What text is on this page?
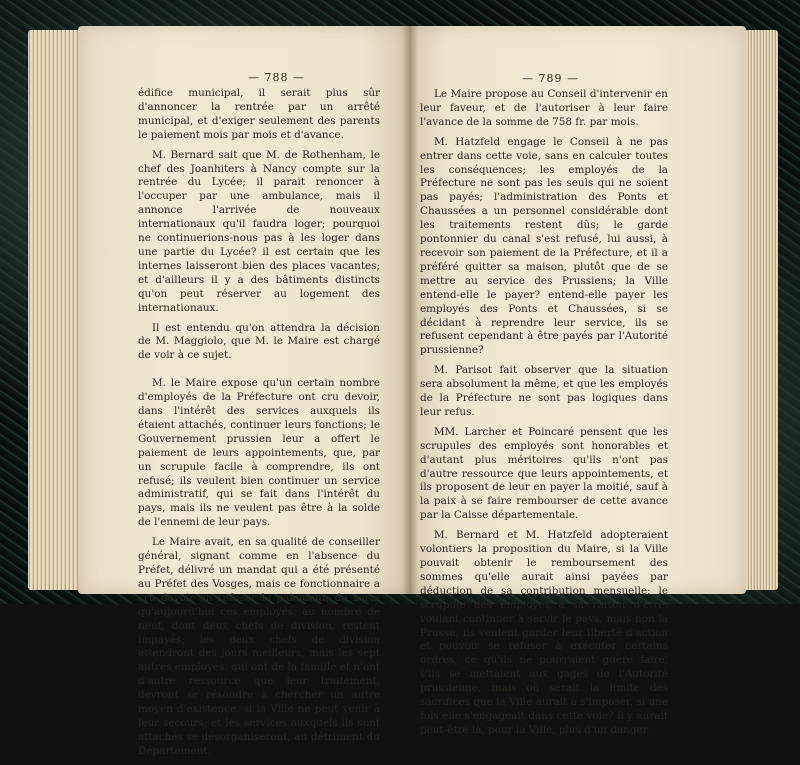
— 788 —

édifice municipal, il serait plus sûr d'annoncer la rentrée par un arrêté municipal, et d'exiger seulement des parents le paiement mois par mois et d'avance.

M. Bernard sait que M. de Rothenham, le chef des Joanhiters à Nancy compte sur la rentrée du Lycée; il parait renoncer à l'occuper par une ambulance, mais il annonce l'arrivée de nouveaux internationaux qu'il faudra loger; pourquoi ne continuerions-nous pas à les loger dans une partie du Lycée? il est certain que les internes laisseront bien des places vacantes; et d'ailleurs il y a des bâtiments distincts qu'on peut réserver au logement des internationaux.

Il est entendu qu'on attendra la décision de M. Maggiolo, que M. le Maire est chargé de voir à ce sujet.

M. le Maire expose qu'un certain nombre d'employés de la Préfecture ont cru devoir, dans l'intérêt des services auxquels ils étaient attachés, continuer leurs fonctions; le Gouvernement prussien leur a offert le paiement de leurs appointements, que, par un scrupule facile à comprendre, ils ont refusé; ils veulent bien continuer un service administratif, qui se fait dans l'intérêt du pays, mais ils ne veulent pas être à la solde de l'ennemi de leur pays.

Le Maire avait, en sa qualité de conseiller général, signant comme en l'absence du Préfet, délivré un mandat qui a été présenté au Préfet des Vosges, mais ce fonctionnaire a cru devoir en refuser le paiement; de sorte qu'aujourd'hui ces employés, au nombre de neuf, dont deux chefs de division, restent impayés; les deux chefs de division attendront des jours meilleurs, mais les sept autres employés, qui ont de la famille et n'ont d'autre ressource que leur traitement, devront se résoudre à chercher un autre moyen d'existence, si la Ville ne peut venir à leur secours; et les services auxquels ils sont attachés se désorganiseront, au détriment du Département.

— 789 —

Le Maire propose au Conseil d'intervenir en leur faveur, et de l'autoriser à leur faire l'avance de la somme de 758 fr. par mois.

M. Hatzfeld engage le Conseil à ne pas entrer dans cette voie, sans en calculer toutes les conséquences; les employés de la Préfecture ne sont pas les seuls qui ne soient pas payés; l'administration des Ponts et Chaussées a un personnel considérable dont les traitements restent dûs; le garde pontonnier du canal s'est refusé, lui aussi, à recevoir son paiement de la Préfecture, et il a préféré quitter sa maison, plutôt que de se mettre au service des Prussiens; la Ville entend-elle le payer? entend-elle payer les employés des Ponts et Chaussées, si se décidant à reprendre leur service, ils se refusent cependant à être payés par l'Autorité prussienne?

M. Parisot fait observer que la situation sera absolument la même, et que les employés de la Préfecture ne sont pas logiques dans leur refus.

MM. Larcher et Poincaré pensent que les scrupules des employés sont honorables et d'autant plus méritoires qu'ils n'ont pas d'autre ressource que leurs appointements, et ils proposent de leur en payer la moitié, sauf à la paix à se faire rembourser de cette avance par la Caisse départementale.

M. Bernard et M. Hatzfeld adopteraient volontiers la proposition du Maire, si la Ville pouvait obtenir le remboursement des sommes qu'elle aurait ainsi payées par déduction de sa contribution mensuelle; le scrupule des employés a sa raison d'être: voulant continuer à servir le pays, mais non la Prusse, ils veulent garder leur liberté d'action et pouvoir se refuser à exécuter certains ordres, ce qu'ils ne pourraient guère faire, s'ils se mettaient aux gages de l'Autorité prussienne; mais où serait la limite des sacrifices que la Ville aurait à s'imposer, si une fois elle s'engageait dans cette voie? il y aurait peut-être là, pour la Ville, plus d'un danger.
